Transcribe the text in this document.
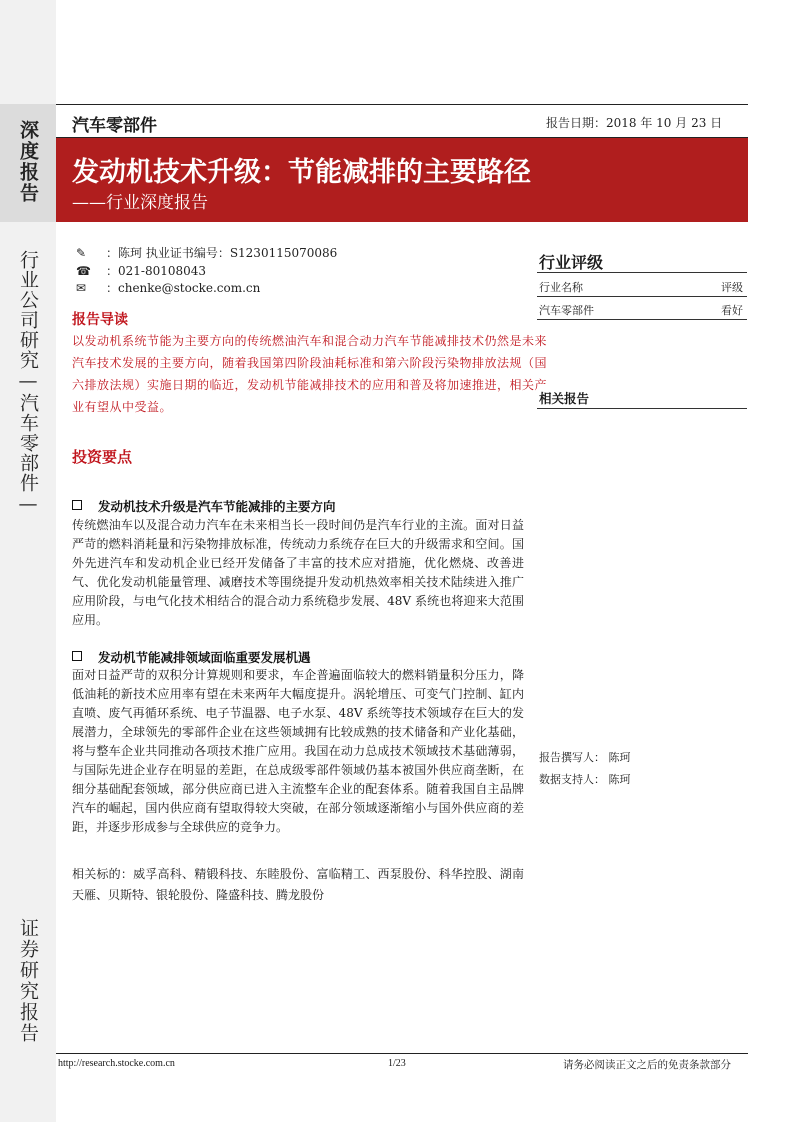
深度报告
行业公司研究—汽车零部件—
证券研究报告
汽车零部件	报告日期：2018 年 10 月 23 日
发动机技术升级：节能减排的主要路径
——行业深度报告
✎ ：陈珂 执业证书编号：S1230115070086
☎ ：021-80108043
✉ ：chenke@stocke.com.cn
报告导读
以发动机系统节能为主要方向的传统燃油汽车和混合动力汽车节能减排技术仍然是未来汽车技术发展的主要方向，随着我国第四阶段油耗标准和第六阶段污染物排放法规（国六排放法规）实施日期的临近，发动机节能减排技术的应用和普及将加速推进，相关产业有望从中受益。
投资要点
发动机技术升级是汽车节能减排的主要方向
传统燃油车以及混合动力汽车在未来相当长一段时间仍是汽车行业的主流。面对日益严苛的燃料消耗量和污染物排放标准，传统动力系统存在巨大的升级需求和空间。国外先进汽车和发动机企业已经开发储备了丰富的技术应对措施，优化燃烧、改善进气、优化发动机能量管理、减磨技术等围绕提升发动机热效率相关技术陆续进入推广应用阶段，与电气化技术相结合的混合动力系统稳步发展、48V 系统也将迎来大范围应用。
发动机节能减排领域面临重要发展机遇
面对日益严苛的双积分计算规则和要求，车企普遍面临较大的燃料销量积分压力，降低油耗的新技术应用率有望在未来两年大幅度提升。涡轮增压、可变气门控制、缸内直喷、废气再循环系统、电子节温器、电子水泵、48V 系统等技术领域存在巨大的发展潜力，全球领先的零部件企业在这些领域拥有比较成熟的技术储备和产业化基础，将与整车企业共同推动各项技术推广应用。我国在动力总成技术领域技术基础薄弱，与国际先进企业存在明显的差距，在总成级零部件领域仍基本被国外供应商垄断，在细分基础配套领域，部分供应商已进入主流整车企业的配套体系。随着我国自主品牌汽车的崛起，国内供应商有望取得较大突破，在部分领域逐渐缩小与国外供应商的差距，并逐步形成参与全球供应的竞争力。
相关标的：威孚高科、精锻科技、东睦股份、富临精工、西泵股份、科华控股、湖南天雁、贝斯特、银轮股份、隆盛科技、腾龙股份
行业评级
行业名称	评级
汽车零部件	看好
相关报告
报告撰写人： 陈珂
数据支持人： 陈珂
http://research.stocke.com.cn	1/23	请务必阅读正文之后的免责条款部分
